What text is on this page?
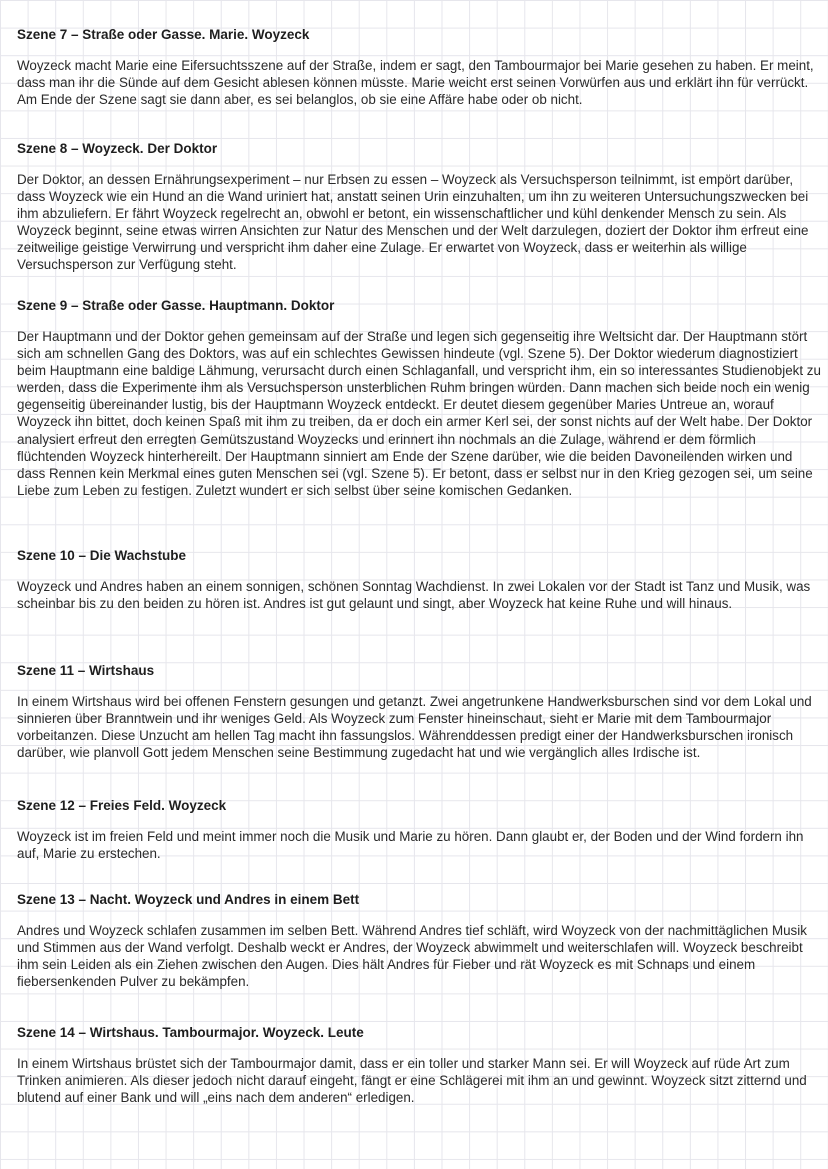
Szene 7 – Straße oder Gasse. Marie. Woyzeck

Woyzeck macht Marie eine Eifersuchtsszene auf der Straße, indem er sagt, den Tambourmajor bei Marie gesehen zu haben. Er meint, dass man ihr die Sünde auf dem Gesicht ablesen können müsste. Marie weicht erst seinen Vorwürfen aus und erklärt ihn für verrückt. Am Ende der Szene sagt sie dann aber, es sei belanglos, ob sie eine Affäre habe oder ob nicht.

Szene 8 – Woyzeck. Der Doktor

Der Doktor, an dessen Ernährungsexperiment – nur Erbsen zu essen – Woyzeck als Versuchsperson teilnimmt, ist empört darüber, dass Woyzeck wie ein Hund an die Wand uriniert hat, anstatt seinen Urin einzuhalten, um ihn zu weiteren Untersuchungszwecken bei ihm abzuliefern. Er fährt Woyzeck regelrecht an, obwohl er betont, ein wissenschaftlicher und kühl denkender Mensch zu sein. Als Woyzeck beginnt, seine etwas wirren Ansichten zur Natur des Menschen und der Welt darzulegen, doziert der Doktor ihm erfreut eine zeitweilige geistige Verwirrung und verspricht ihm daher eine Zulage. Er erwartet von Woyzeck, dass er weiterhin als willige Versuchsperson zur Verfügung steht.

Szene 9 – Straße oder Gasse. Hauptmann. Doktor

Der Hauptmann und der Doktor gehen gemeinsam auf der Straße und legen sich gegenseitig ihre Weltsicht dar. Der Hauptmann stört sich am schnellen Gang des Doktors, was auf ein schlechtes Gewissen hindeute (vgl. Szene 5). Der Doktor wiederum diagnostiziert beim Hauptmann eine baldige Lähmung, verursacht durch einen Schlaganfall, und verspricht ihm, ein so interessantes Studienobjekt zu werden, dass die Experimente ihm als Versuchsperson unsterblichen Ruhm bringen würden. Dann machen sich beide noch ein wenig gegenseitig übereinander lustig, bis der Hauptmann Woyzeck entdeckt. Er deutet diesem gegenüber Maries Untreue an, worauf Woyzeck ihn bittet, doch keinen Spaß mit ihm zu treiben, da er doch ein armer Kerl sei, der sonst nichts auf der Welt habe. Der Doktor analysiert erfreut den erregten Gemütszustand Woyzecks und erinnert ihn nochmals an die Zulage, während er dem förmlich flüchtenden Woyzeck hinterhereilt. Der Hauptmann sinniert am Ende der Szene darüber, wie die beiden Davoneilenden wirken und dass Rennen kein Merkmal eines guten Menschen sei (vgl. Szene 5). Er betont, dass er selbst nur in den Krieg gezogen sei, um seine Liebe zum Leben zu festigen. Zuletzt wundert er sich selbst über seine komischen Gedanken.

Szene 10 – Die Wachstube

Woyzeck und Andres haben an einem sonnigen, schönen Sonntag Wachdienst. In zwei Lokalen vor der Stadt ist Tanz und Musik, was scheinbar bis zu den beiden zu hören ist. Andres ist gut gelaunt und singt, aber Woyzeck hat keine Ruhe und will hinaus.

Szene 11 – Wirtshaus

In einem Wirtshaus wird bei offenen Fenstern gesungen und getanzt. Zwei angetrunkene Handwerksburschen sind vor dem Lokal und sinnieren über Branntwein und ihr weniges Geld. Als Woyzeck zum Fenster hineinschaut, sieht er Marie mit dem Tambourmajor vorbeitanzen. Diese Unzucht am hellen Tag macht ihn fassungslos. Währenddessen predigt einer der Handwerksburschen ironisch darüber, wie planvoll Gott jedem Menschen seine Bestimmung zugedacht hat und wie vergänglich alles Irdische ist.

Szene 12 – Freies Feld. Woyzeck

Woyzeck ist im freien Feld und meint immer noch die Musik und Marie zu hören. Dann glaubt er, der Boden und der Wind fordern ihn auf, Marie zu erstechen.

Szene 13 – Nacht. Woyzeck und Andres in einem Bett

Andres und Woyzeck schlafen zusammen im selben Bett. Während Andres tief schläft, wird Woyzeck von der nachmittäglichen Musik und Stimmen aus der Wand verfolgt. Deshalb weckt er Andres, der Woyzeck abwimmelt und weiterschlafen will. Woyzeck beschreibt ihm sein Leiden als ein Ziehen zwischen den Augen. Dies hält Andres für Fieber und rät Woyzeck es mit Schnaps und einem fiebersenkenden Pulver zu bekämpfen.

Szene 14 – Wirtshaus. Tambourmajor. Woyzeck. Leute

In einem Wirtshaus brüstet sich der Tambourmajor damit, dass er ein toller und starker Mann sei. Er will Woyzeck auf rüde Art zum Trinken animieren. Als dieser jedoch nicht darauf eingeht, fängt er eine Schlägerei mit ihm an und gewinnt. Woyzeck sitzt zitternd und blutend auf einer Bank und will „eins nach dem anderen“ erledigen.
